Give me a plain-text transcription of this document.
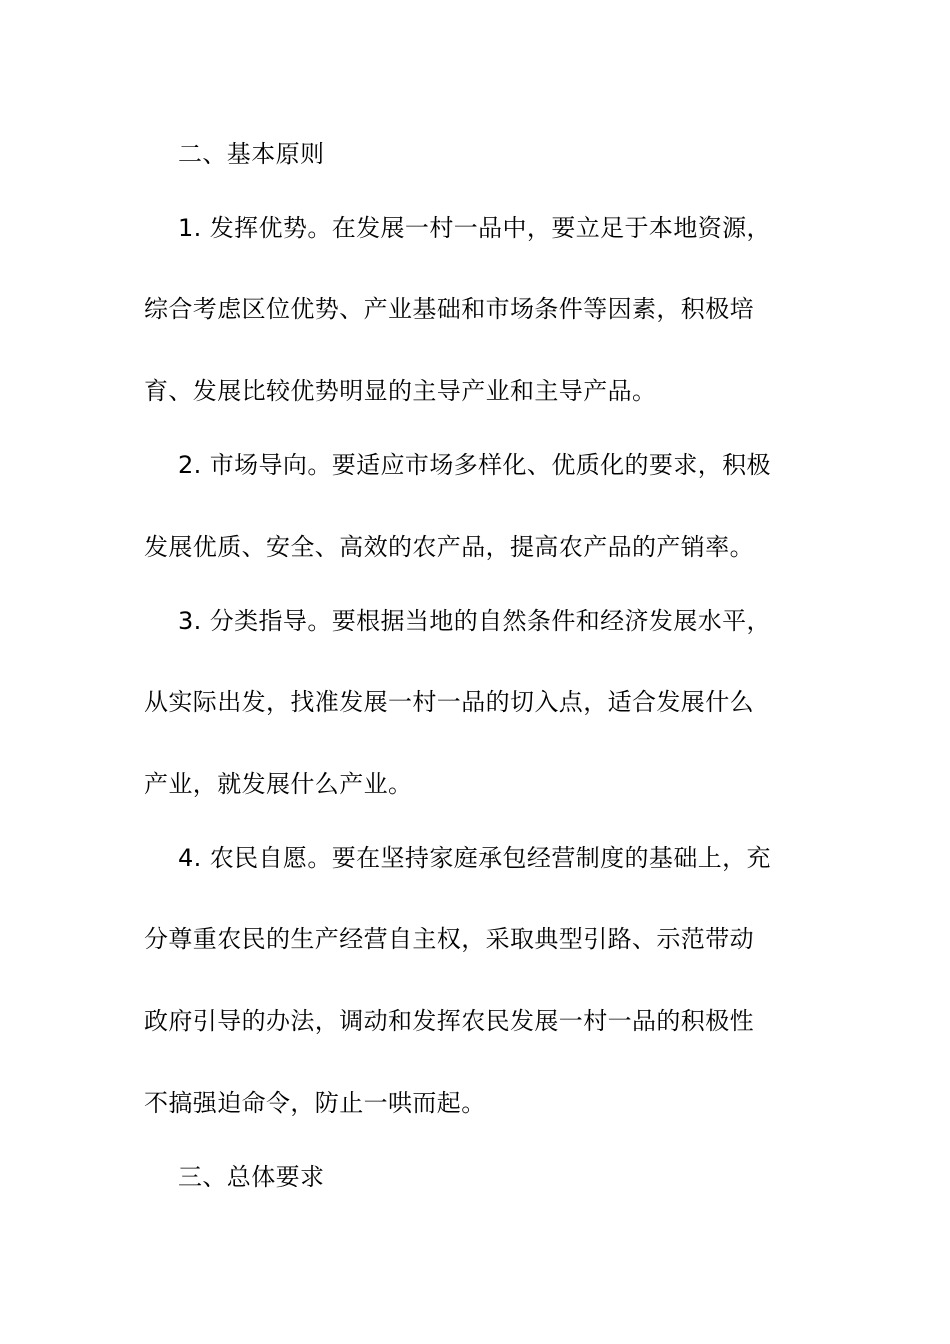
二、基本原则
1. 发挥优势。在发展一村一品中，要立足于本地资源，
综合考虑区位优势、产业基础和市场条件等因素，积极培
育、发展比较优势明显的主导产业和主导产品。
2. 市场导向。要适应市场多样化、优质化的要求，积极
发展优质、安全、高效的农产品，提高农产品的产销率。
3. 分类指导。要根据当地的自然条件和经济发展水平，
从实际出发，找准发展一村一品的切入点，适合发展什么
产业，就发展什么产业。
4. 农民自愿。要在坚持家庭承包经营制度的基础上，充
分尊重农民的生产经营自主权，采取典型引路、示范带动
政府引导的办法，调动和发挥农民发展一村一品的积极性
不搞强迫命令，防止一哄而起。
三、总体要求
